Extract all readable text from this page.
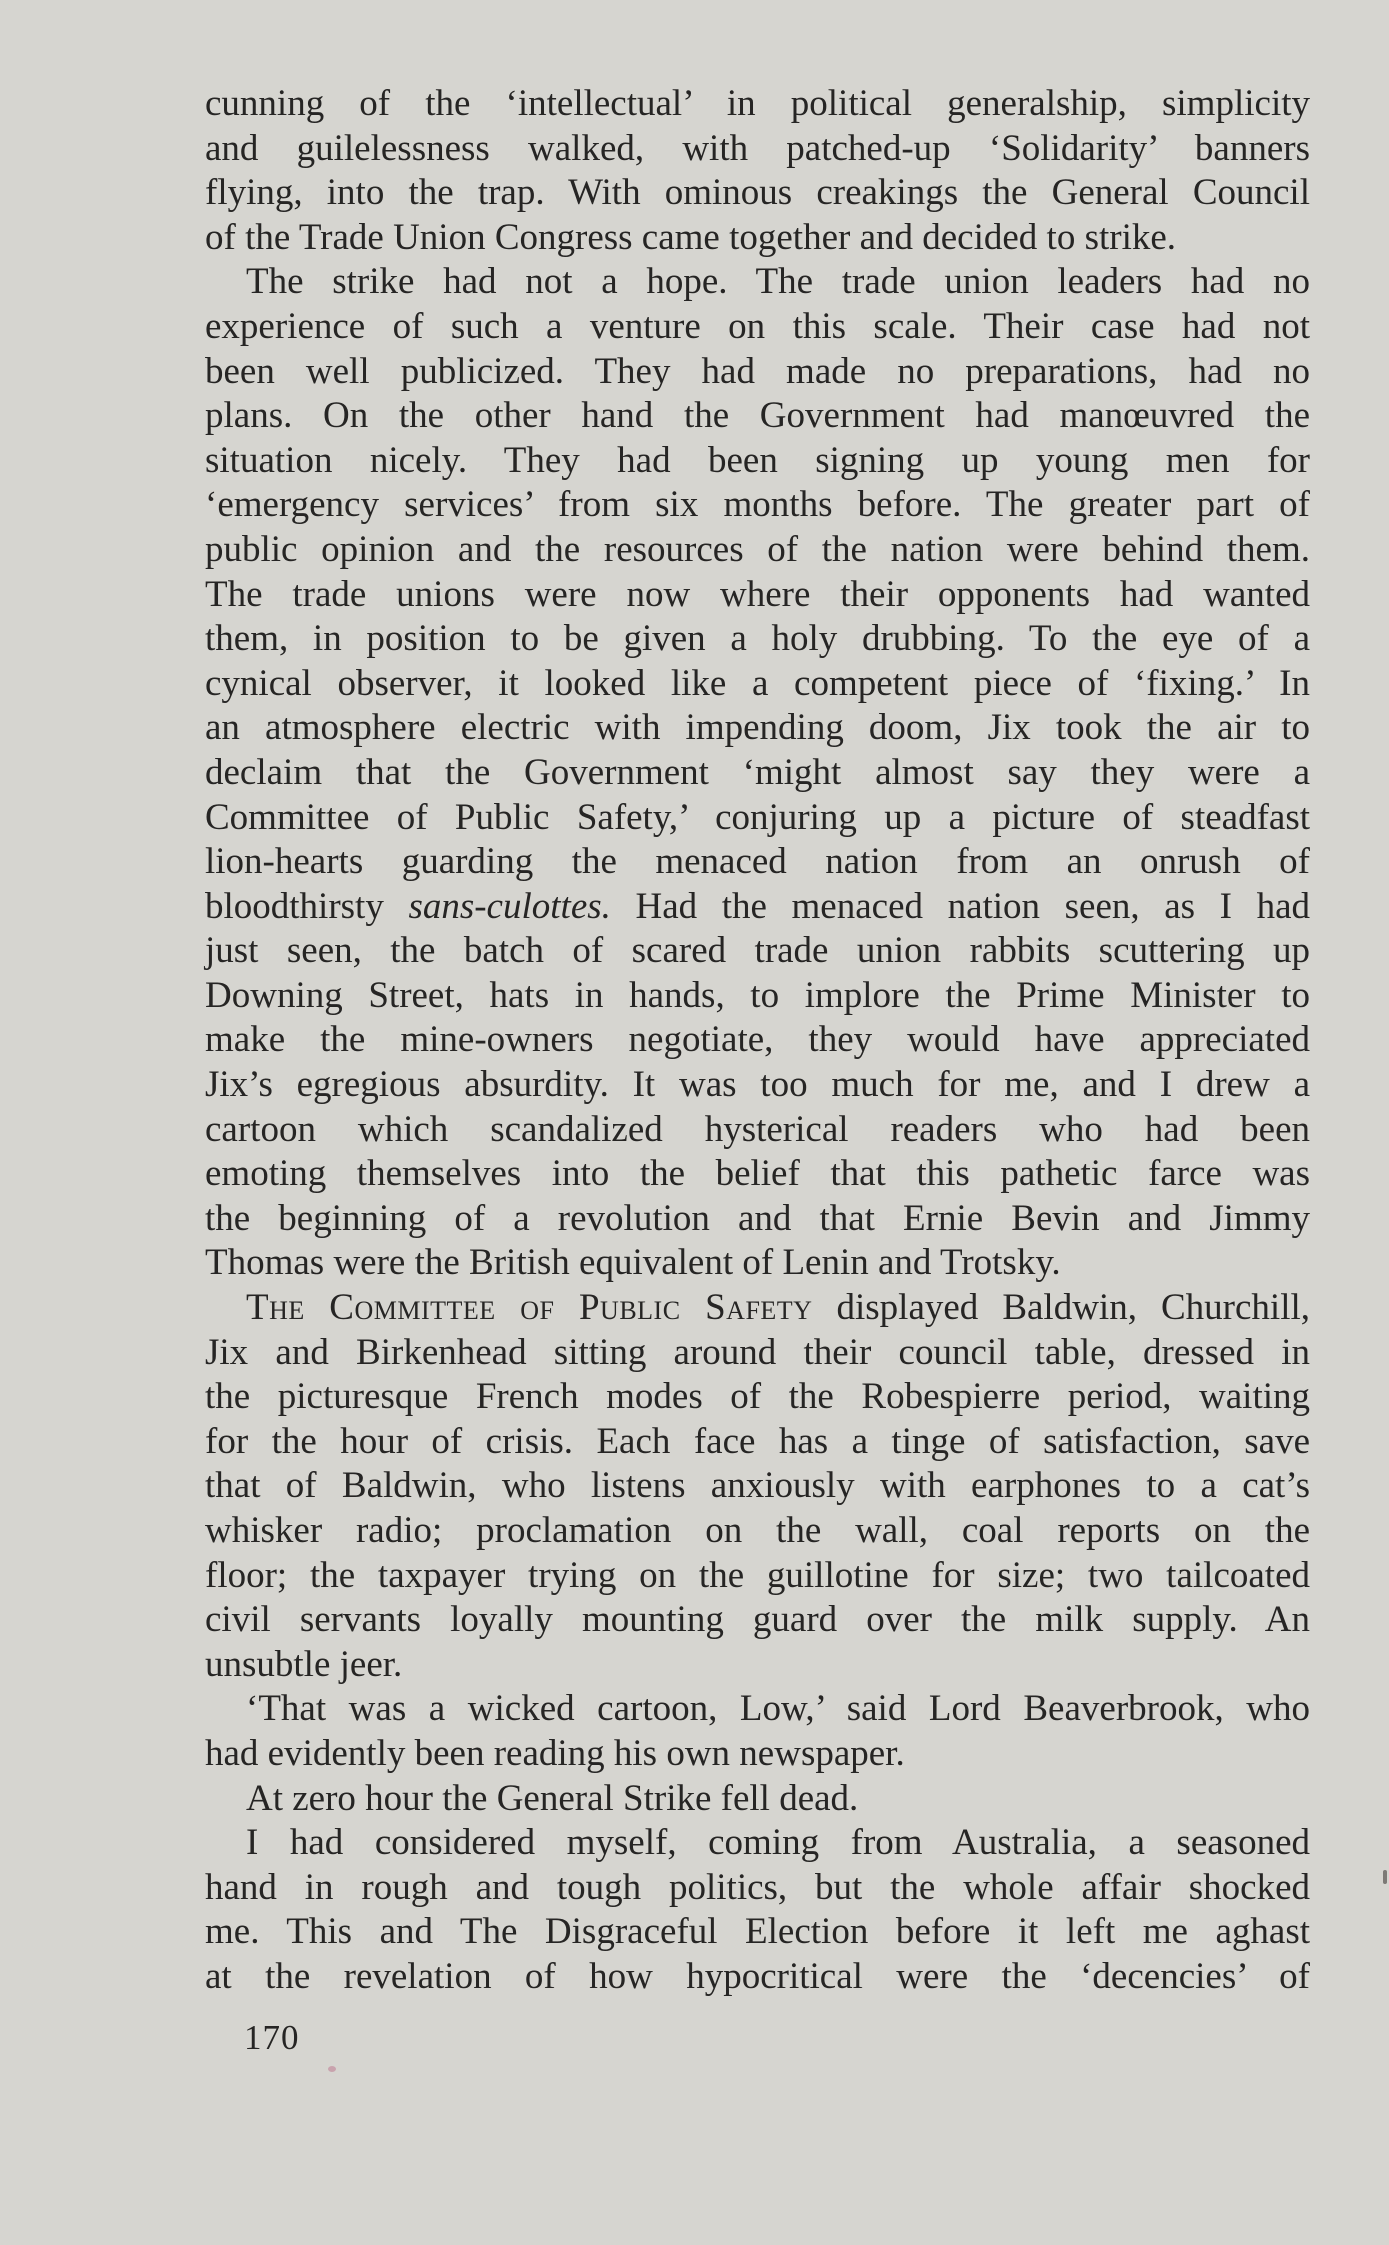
cunning of the ‘intellectual’ in political generalship, simplicity
and guilelessness walked, with patched-up ‘Solidarity’ banners
flying, into the trap. With ominous creakings the General Council
of the Trade Union Congress came together and decided to strike.
The strike had not a hope. The trade union leaders had no
experience of such a venture on this scale. Their case had not
been well publicized. They had made no preparations, had no
plans. On the other hand the Government had manœuvred the
situation nicely. They had been signing up young men for
‘emergency services’ from six months before. The greater part of
public opinion and the resources of the nation were behind them.
The trade unions were now where their opponents had wanted
them, in position to be given a holy drubbing. To the eye of a
cynical observer, it looked like a competent piece of ‘fixing.’ In
an atmosphere electric with impending doom, Jix took the air to
declaim that the Government ‘might almost say they were a
Committee of Public Safety,’ conjuring up a picture of steadfast
lion-hearts guarding the menaced nation from an onrush of
bloodthirsty sans-culottes. Had the menaced nation seen, as I had
just seen, the batch of scared trade union rabbits scuttering up
Downing Street, hats in hands, to implore the Prime Minister to
make the mine-owners negotiate, they would have appreciated
Jix’s egregious absurdity. It was too much for me, and I drew a
cartoon which scandalized hysterical readers who had been
emoting themselves into the belief that this pathetic farce was
the beginning of a revolution and that Ernie Bevin and Jimmy
Thomas were the British equivalent of Lenin and Trotsky.
The Committee of Public Safety displayed Baldwin, Churchill,
Jix and Birkenhead sitting around their council table, dressed in
the picturesque French modes of the Robespierre period, waiting
for the hour of crisis. Each face has a tinge of satisfaction, save
that of Baldwin, who listens anxiously with earphones to a cat’s
whisker radio; proclamation on the wall, coal reports on the
floor; the taxpayer trying on the guillotine for size; two tailcoated
civil servants loyally mounting guard over the milk supply. An
unsubtle jeer.
‘That was a wicked cartoon, Low,’ said Lord Beaverbrook, who
had evidently been reading his own newspaper.
At zero hour the General Strike fell dead.
I had considered myself, coming from Australia, a seasoned
hand in rough and tough politics, but the whole affair shocked
me. This and The Disgraceful Election before it left me aghast
at the revelation of how hypocritical were the ‘decencies’ of
170
